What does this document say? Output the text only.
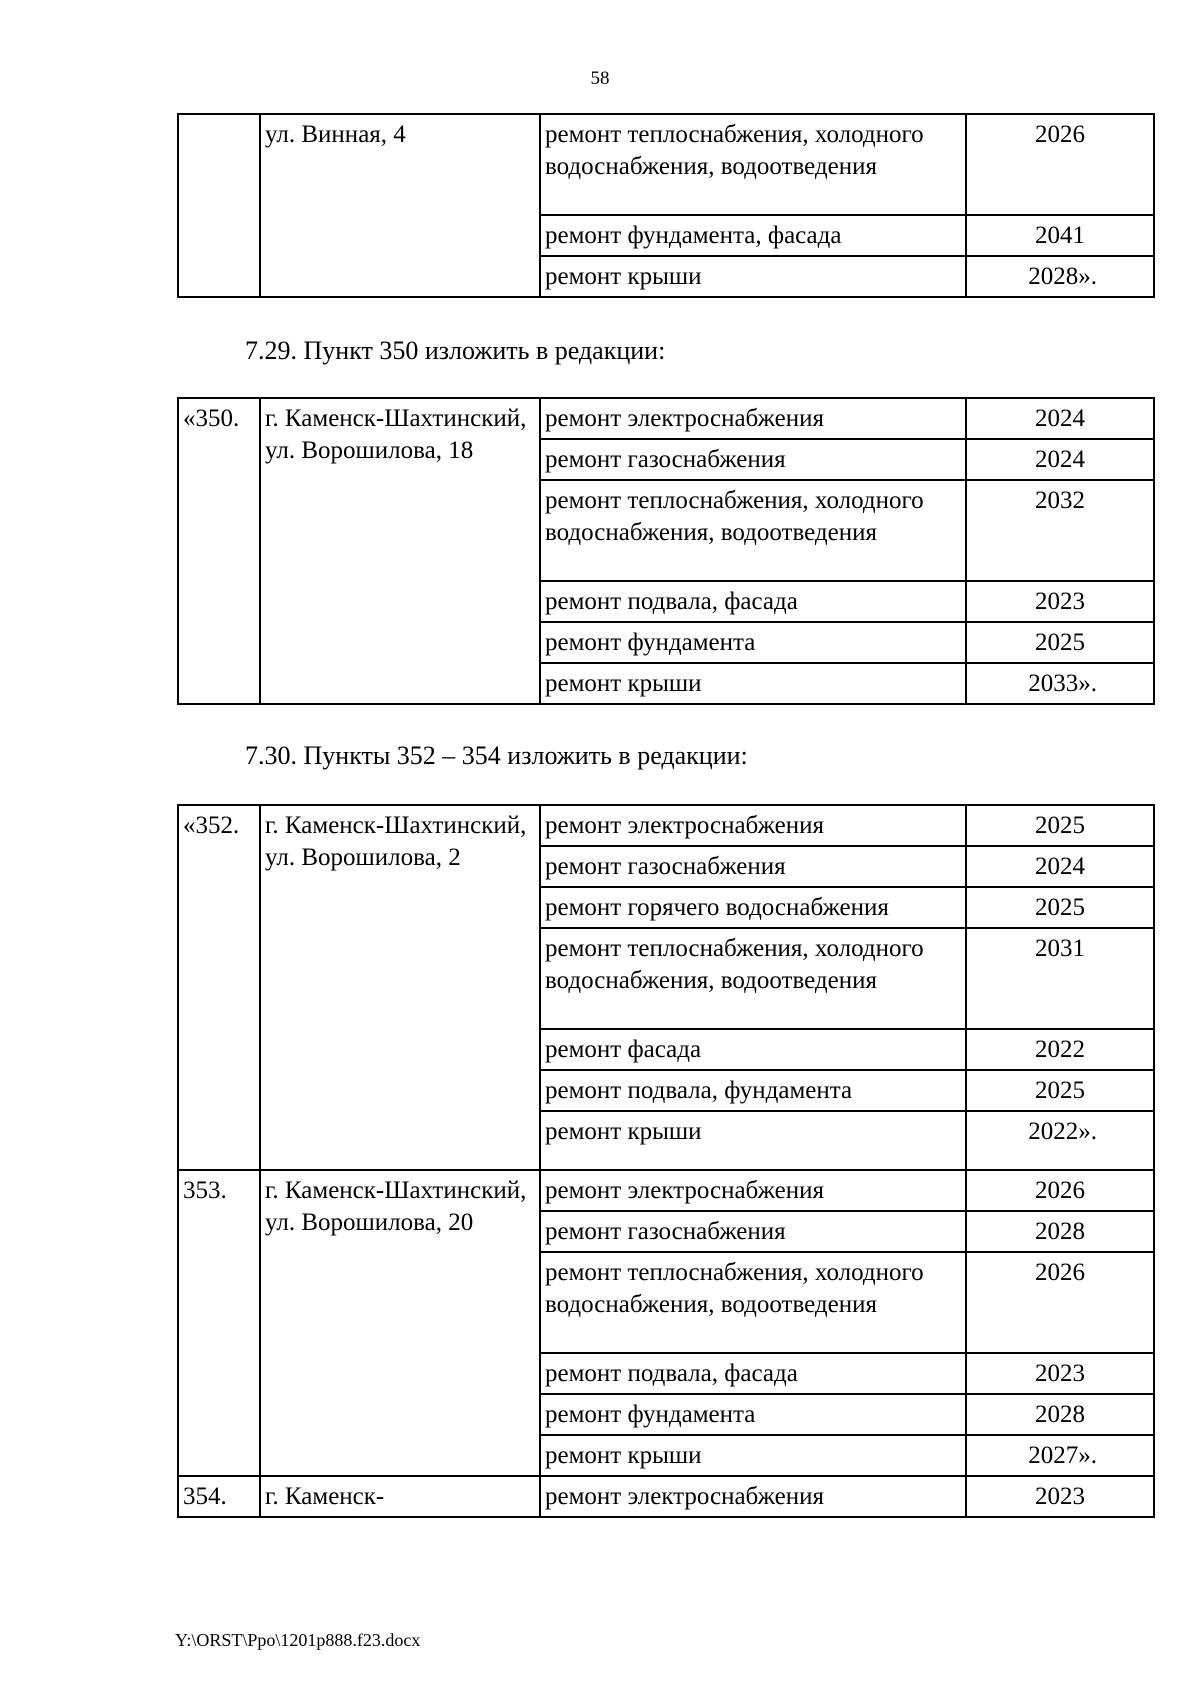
58
	ул. Винная, 4	ремонт теплоснабжения, холодного водоснабжения, водоотведения	2026
		ремонт фундамента, фасада	2041
		ремонт крыши	2028».
7.29. Пункт 350 изложить в редакции:
«350.	г. Каменск-Шахтинский, ул. Ворошилова, 18	ремонт электроснабжения	2024
		ремонт газоснабжения	2024
		ремонт теплоснабжения, холодного водоснабжения, водоотведения	2032
		ремонт подвала, фасада	2023
		ремонт фундамента	2025
		ремонт крыши	2033».
7.30. Пункты 352 – 354 изложить в редакции:
«352.	г. Каменск-Шахтинский, ул. Ворошилова, 2	ремонт электроснабжения	2025
		ремонт газоснабжения	2024
		ремонт горячего водоснабжения	2025
		ремонт теплоснабжения, холодного водоснабжения, водоотведения	2031
		ремонт фасада	2022
		ремонт подвала, фундамента	2025
		ремонт крыши	2022».
353.	г. Каменск-Шахтинский, ул. Ворошилова, 20	ремонт электроснабжения	2026
		ремонт газоснабжения	2028
		ремонт теплоснабжения, холодного водоснабжения, водоотведения	2026
		ремонт подвала, фасада	2023
		ремонт фундамента	2028
		ремонт крыши	2027».
354.	г. Каменск-	ремонт электроснабжения	2023
Y:\ORST\Ppo\1201p888.f23.docx
